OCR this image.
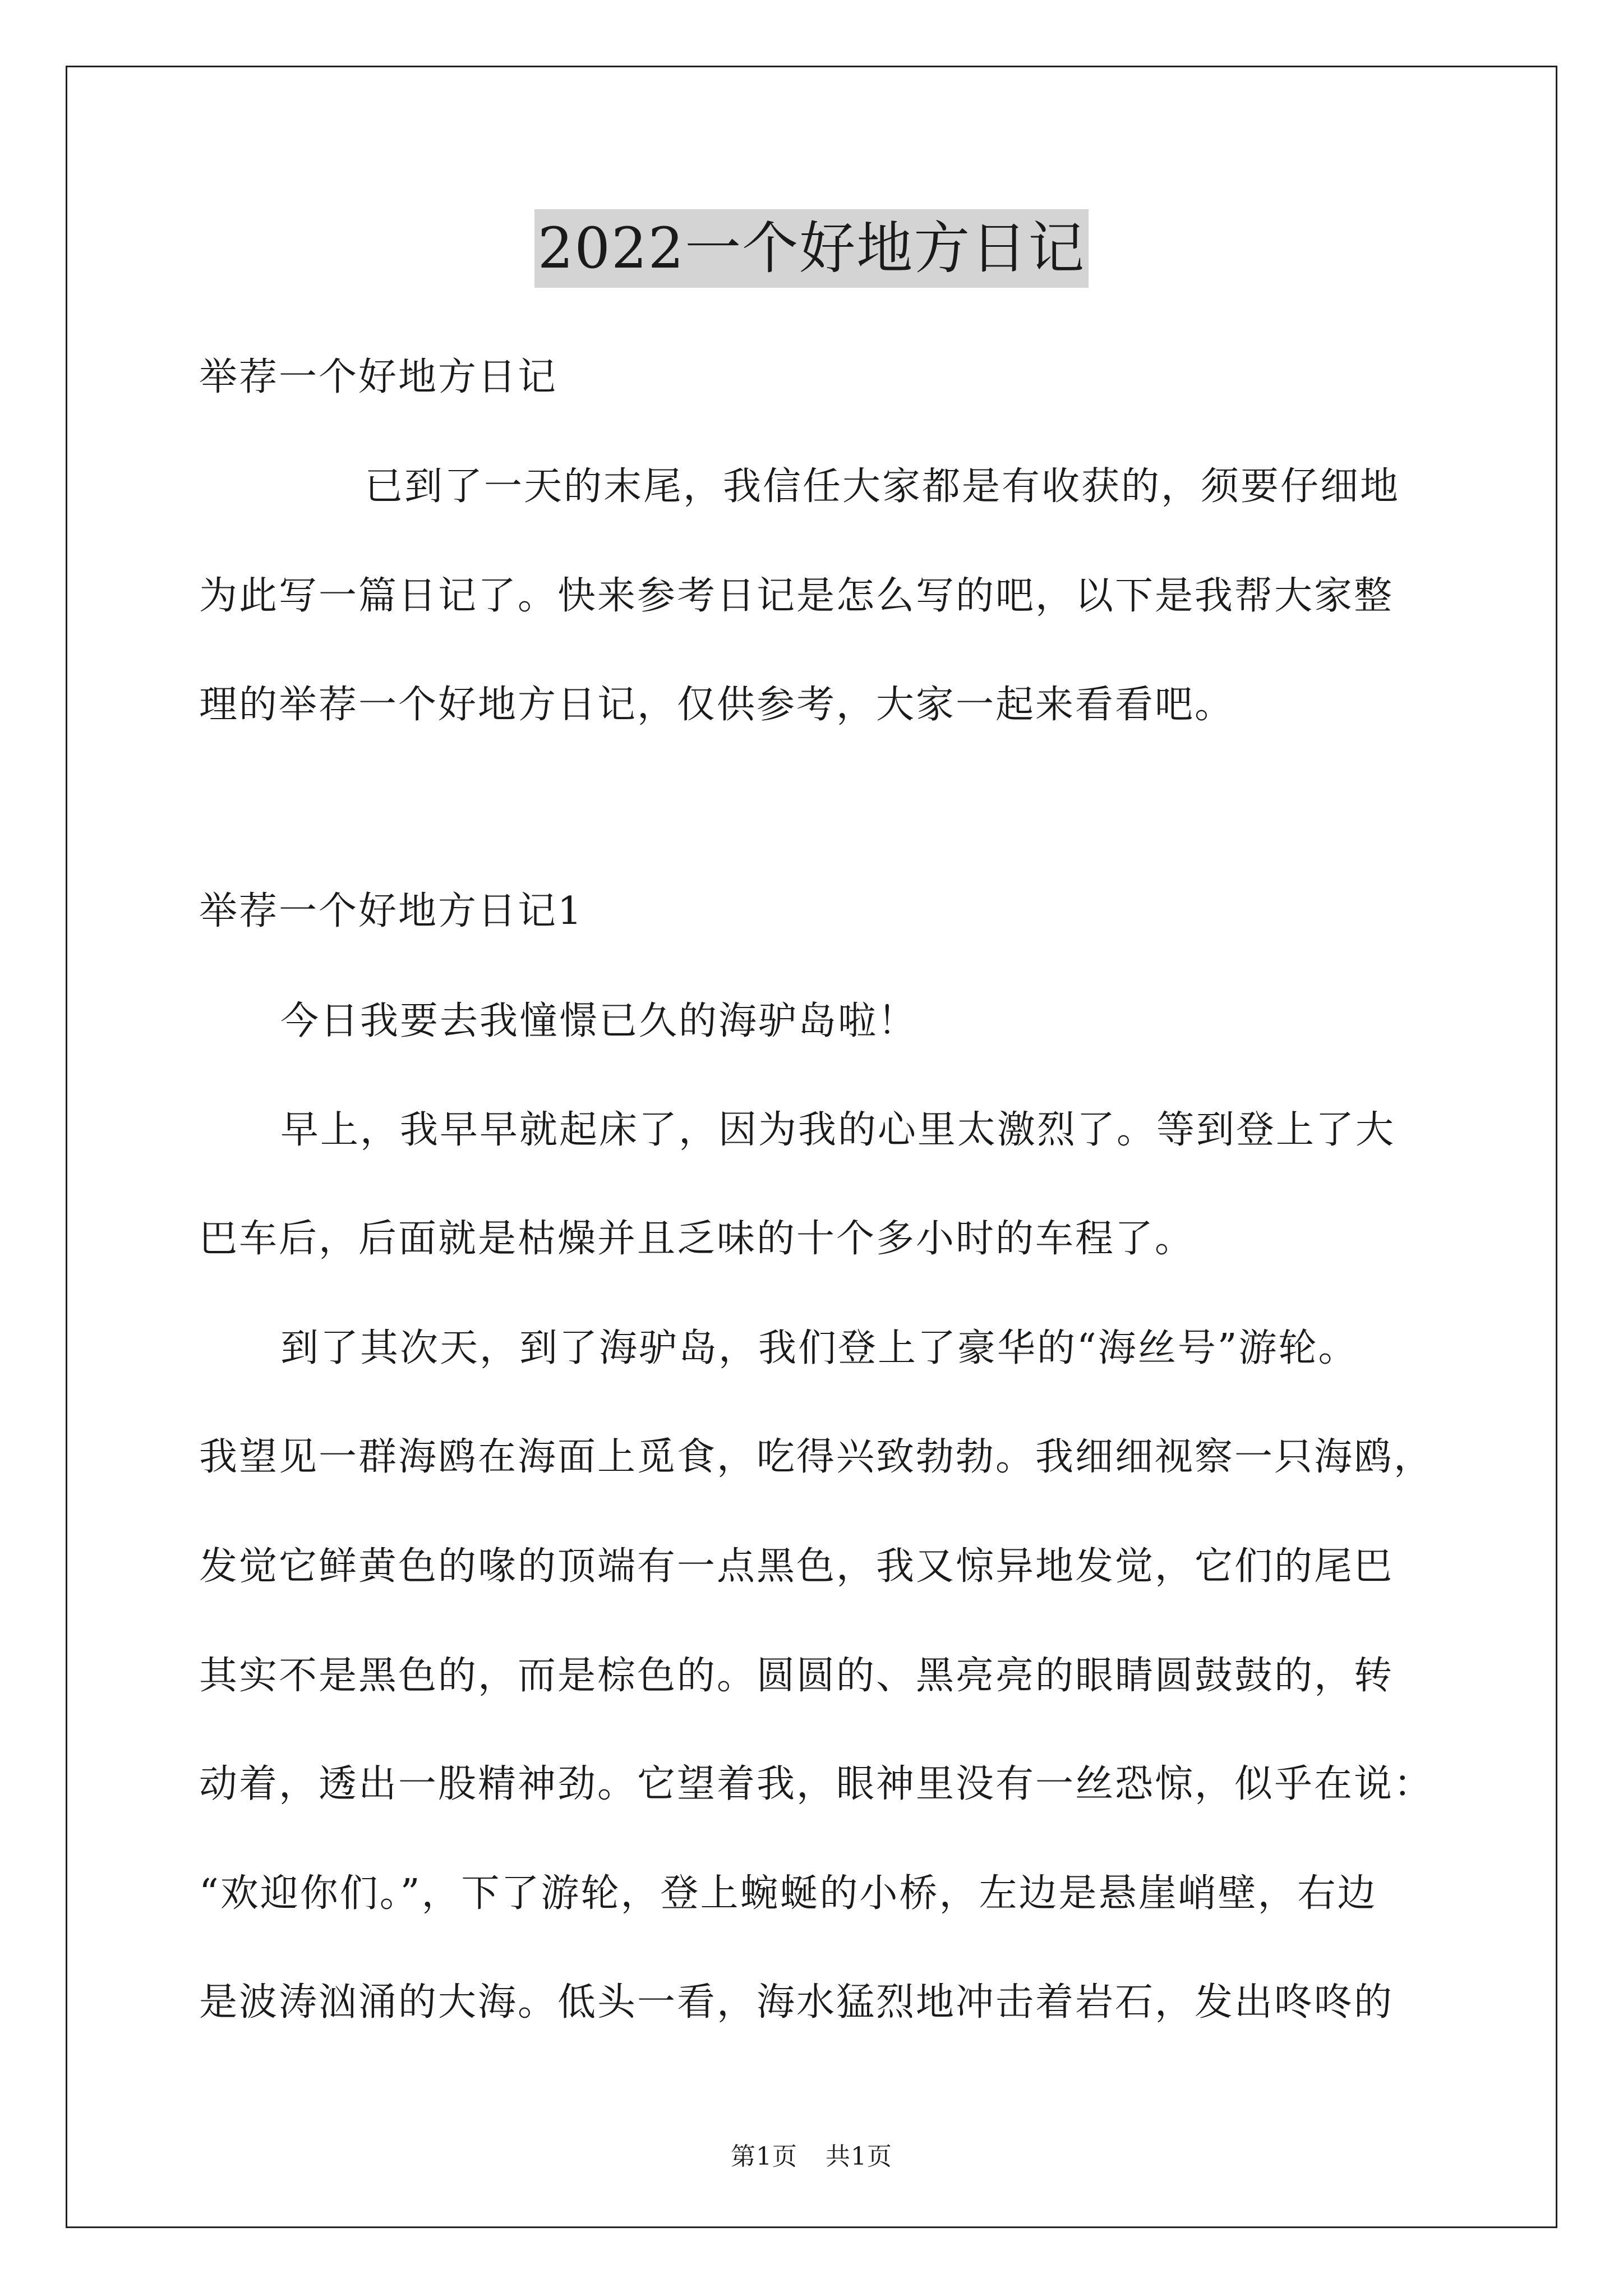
2022一个好地方日记
举荐一个好地方日记
已到了一天的末尾，我信任大家都是有收获的，须要仔细地
为此写一篇日记了。快来参考日记是怎么写的吧，以下是我帮大家整
理的举荐一个好地方日记，仅供参考，大家一起来看看吧。
举荐一个好地方日记1
今日我要去我憧憬已久的海驴岛啦！
早上，我早早就起床了，因为我的心里太激烈了。等到登上了大
巴车后，后面就是枯燥并且乏味的十个多小时的车程了。
到了其次天，到了海驴岛，我们登上了豪华的“海丝号”游轮。
我望见一群海鸥在海面上觅食，吃得兴致勃勃。我细细视察一只海鸥，
发觉它鲜黄色的喙的顶端有一点黑色，我又惊异地发觉，它们的尾巴
其实不是黑色的，而是棕色的。圆圆的、黑亮亮的眼睛圆鼓鼓的，转
动着，透出一股精神劲。它望着我，眼神里没有一丝恐惊，似乎在说：
“欢迎你们。”，下了游轮，登上蜿蜒的小桥，左边是悬崖峭壁，右边
是波涛汹涌的大海。低头一看，海水猛烈地冲击着岩石，发出咚咚的
第1页 共1页
